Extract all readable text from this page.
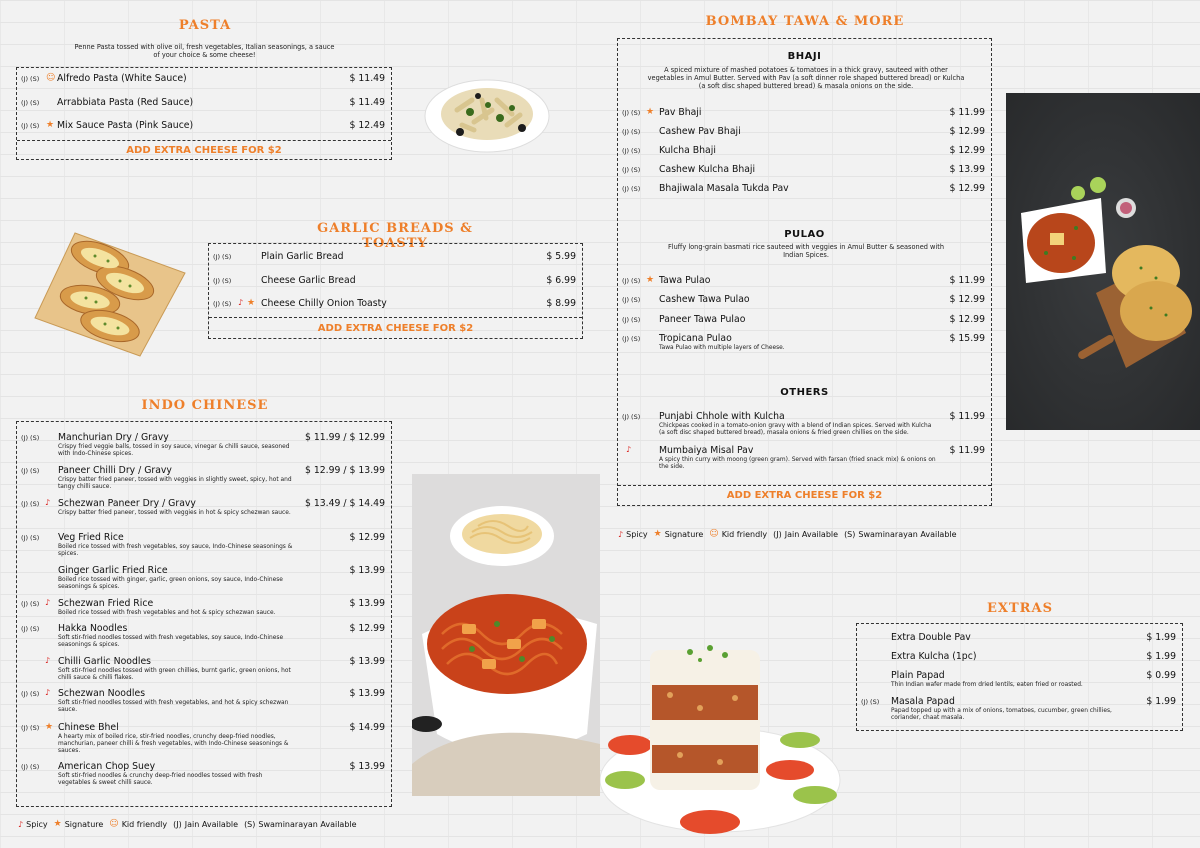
PASTA
Penne Pasta tossed with olive oil, fresh vegetables, Italian seasonings, a sauce of your choice & some cheese!
(J) (S) ☺ Alfredo Pasta (White Sauce)	$ 11.49
(J) (S) Arrabbiata Pasta (Red Sauce)	$ 11.49
(J) (S) ★ Mix Sauce Pasta (Pink Sauce)	$ 12.49
ADD EXTRA CHEESE FOR $2
GARLIC BREADS & TOASTY
(J) (S)	Plain Garlic Bread	$ 5.99
(J) (S)	Cheese Garlic Bread	$ 6.99
(J) (S) ♪ ★ Cheese Chilly Onion Toasty	$ 8.99
ADD EXTRA CHEESE FOR $2
INDO CHINESE
(J) (S) Manchurian Dry / Gravy	$ 11.99 / $ 12.99
Crispy fried veggie balls, tossed in soy sauce, vinegar & chilli sauce, seasoned with Indo-Chinese spices.
(J) (S) Paneer Chilli Dry / Gravy	$ 12.99 / $ 13.99
Crispy batter fried paneer, tossed with veggies in slightly sweet, spicy, hot and tangy chilli sauce.
(J) (S) ♪ Schezwan Paneer Dry / Gravy	$ 13.49 / $ 14.49
Crispy batter fried paneer, tossed with veggies in hot & spicy schezwan sauce.
(J) (S) Veg Fried Rice	$ 12.99
Boiled rice tossed with fresh vegetables, soy sauce, Indo-Chinese seasonings & spices.
Ginger Garlic Fried Rice	$ 13.99
Boiled rice tossed with ginger, garlic, green onions, soy sauce, Indo-Chinese seasonings & spices.
(J) (S) ♪ Schezwan Fried Rice	$ 13.99
Boiled rice tossed with fresh vegetables and hot & spicy schezwan sauce.
(J) (S) Hakka Noodles	$ 12.99
Soft stir-fried noodles tossed with fresh vegetables, soy sauce, Indo-Chinese seasonings & spices.
♪ Chilli Garlic Noodles	$ 13.99
Soft stir-fried noodles tossed with green chillies, burnt garlic, green onions, hot chilli sauce & chilli flakes.
(J) (S) ♪ Schezwan Noodles	$ 13.99
Soft stir-fried noodles tossed with fresh vegetables, and hot & spicy schezwan sauce.
(J) (S) ★ Chinese Bhel	$ 14.99
A hearty mix of boiled rice, stir-fried noodles, crunchy deep-fried noodles, manchurian, paneer chilli & fresh vegetables, with Indo-Chinese seasonings & sauces.
(J) (S) American Chop Suey	$ 13.99
Soft stir-fried noodles & crunchy deep-fried noodles tossed with fresh vegetables & sweet chilli sauce.
♪ Spicy ★ Signature ☺ Kid friendly (J) Jain Available (S) Swaminarayan Available
BOMBAY TAWA & MORE
BHAJI
A spiced mixture of mashed potatoes & tomatoes in a thick gravy, sauteed with other vegetables in Amul Butter. Served with Pav (a soft dinner role shaped buttered bread) or Kulcha (a soft disc shaped buttered bread) & masala onions on the side.
(J) (S) ★ Pav Bhaji	$ 11.99
(J) (S) Cashew Pav Bhaji	$ 12.99
(J) (S) Kulcha Bhaji	$ 12.99
(J) (S) Cashew Kulcha Bhaji	$ 13.99
(J) (S) Bhajiwala Masala Tukda Pav	$ 12.99
PULAO
Fluffy long-grain basmati rice sauteed with veggies in Amul Butter & seasoned with Indian Spices.
(J) (S) ★ Tawa Pulao	$ 11.99
(J) (S) Cashew Tawa Pulao	$ 12.99
(J) (S) Paneer Tawa Pulao	$ 12.99
(J) (S) Tropicana Pulao	$ 15.99
Tawa Pulao with multiple layers of Cheese.
OTHERS
(J) (S) Punjabi Chhole with Kulcha	$ 11.99
Chickpeas cooked in a tomato-onion gravy with a blend of Indian spices. Served with Kulcha (a soft disc shaped buttered bread), masala onions & fried green chillies on the side.
♪	Mumbaiya Misal Pav	$ 11.99
A spicy thin curry with moong (green gram). Served with farsan (fried snack mix) & onions on the side.
ADD EXTRA CHEESE FOR $2
♪ Spicy ★ Signature ☺ Kid friendly (J) Jain Available (S) Swaminarayan Available
EXTRAS
Extra Double Pav	$ 1.99
Extra Kulcha (1pc)	$ 1.99
Plain Papad	$ 0.99
Thin Indian wafer made from dried lentils, eaten fried or roasted.
(J) (S) Masala Papad	$ 1.99
Papad topped up with a mix of onions, tomatoes, cucumber, green chillies, coriander, chaat masala.
